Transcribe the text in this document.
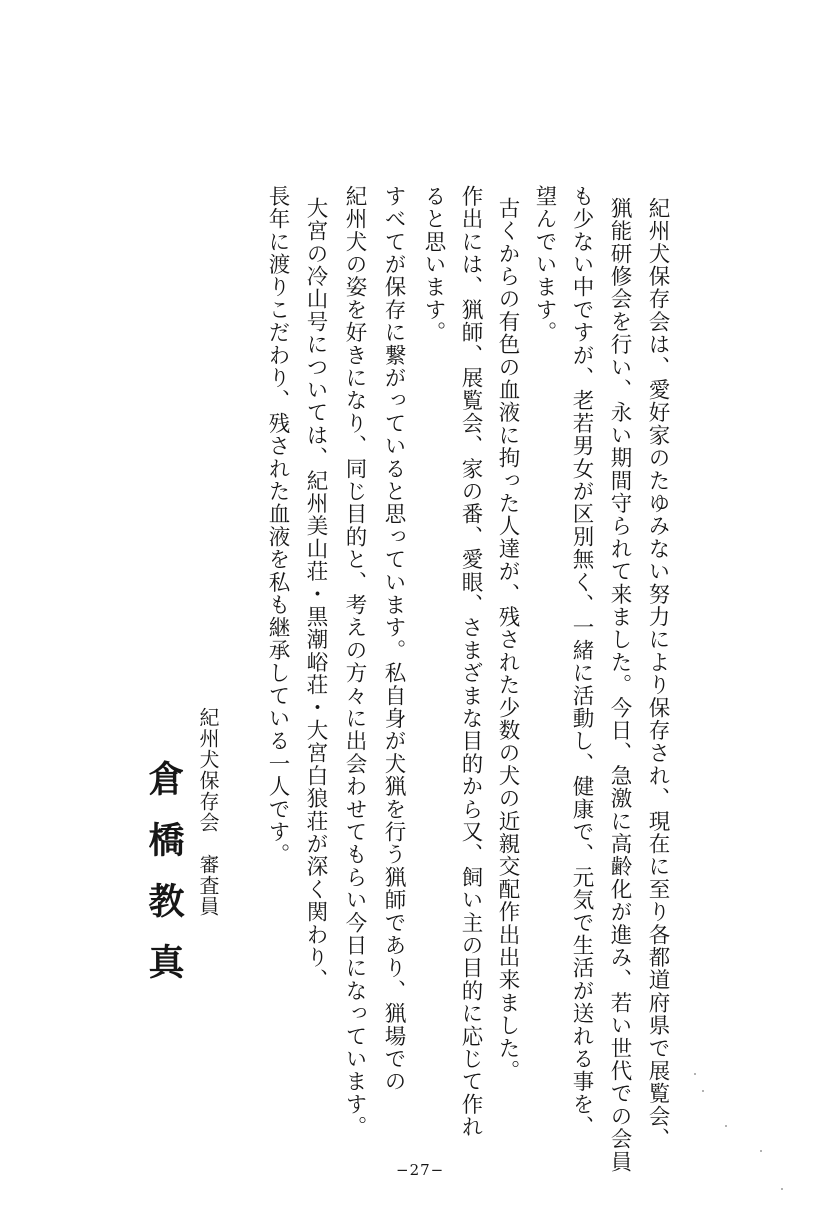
紀州犬保存会は、愛好家のたゆみない努力により保存され、現在に至り各都道府県で展覧会、
猟能研修会を行い、永い期間守られて来ました。今日、急激に高齢化が進み、若い世代での会員
も少ない中ですが、老若男女が区別無く、一緒に活動し、健康で、元気で生活が送れる事を、
望んでいます。
古くからの有色の血液に拘った人達が、残された少数の犬の近親交配作出出来ました。
作出には、猟師、展覧会、家の番、愛眼、さまざまな目的から又、飼い主の目的に応じて作れ
ると思います。
すべてが保存に繋がっていると思っています。私自身が犬猟を行う猟師であり、猟場での
紀州犬の姿を好きになり、同じ目的と、考えの方々に出会わせてもらい今日になっています。
大宮の冷山号については、紀州美山荘・黒潮峪荘・大宮白狼荘が深く関わり、
長年に渡りこだわり、残された血液を私も継承している一人です。
紀州犬保存会　審査員
倉橋教真
−27−
